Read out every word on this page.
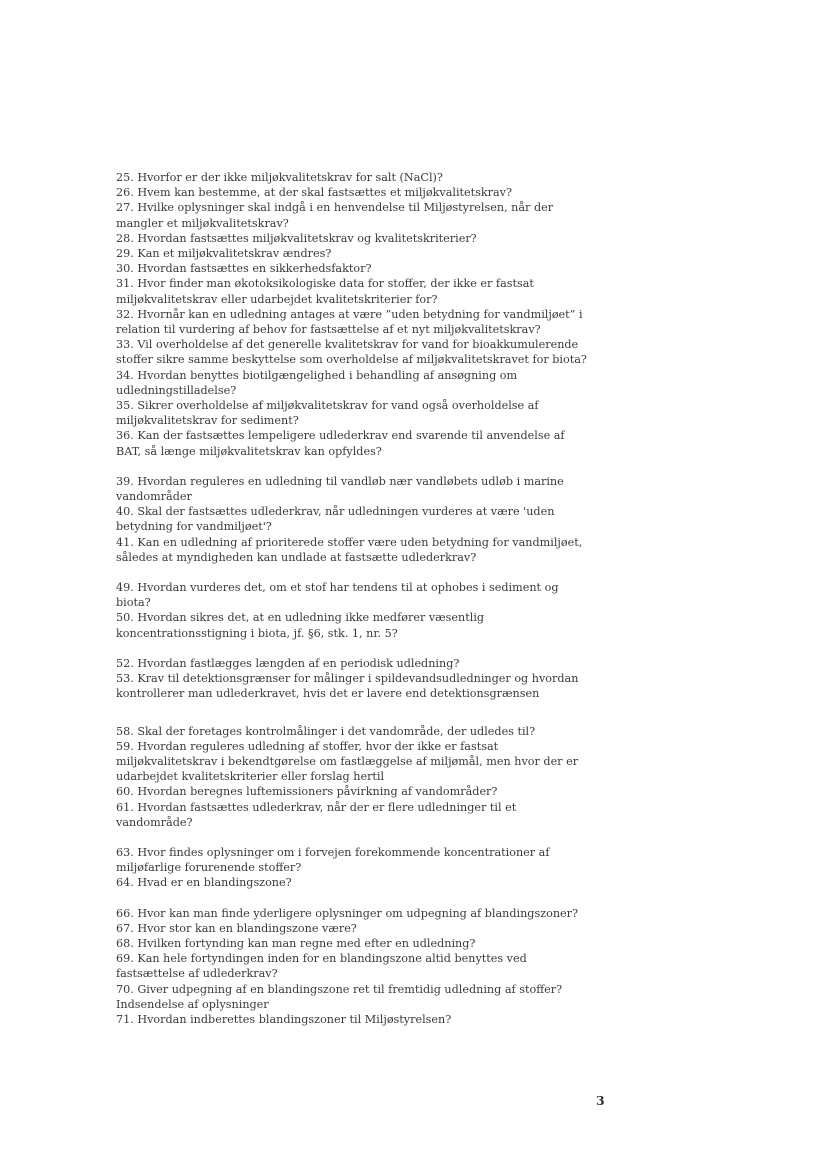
25. Hvorfor er der ikke miljøkvalitetskrav for salt (NaCl)?

26. Hvem kan bestemme, at der skal fastsættes et miljøkvalitetskrav?

27. Hvilke oplysninger skal indgå i en henvendelse til Miljøstyrelsen, når der
mangler et miljøkvalitetskrav?

28. Hvordan fastsættes miljøkvalitetskrav og kvalitetskriterier?

29. Kan et miljøkvalitetskrav ændres?

30. Hvordan fastsættes en sikkerhedsfaktor?

31. Hvor finder man økotoksikologiske data for stoffer, der ikke er fastsat
miljøkvalitetskrav eller udarbejdet kvalitetskriterier for?

32. Hvornår kan en udledning antages at være ”uden betydning for vandmiljøet” i
relation til vurdering af behov for fastsættelse af et nyt miljøkvalitetskrav?

33. Vil overholdelse af det generelle kvalitetskrav for vand for bioakkumulerende
stoffer sikre samme beskyttelse som overholdelse af miljøkvalitetskravet for biota?

34. Hvordan benyttes biotilgængelighed i behandling af ansøgning om
udledningstilladelse?

35. Sikrer overholdelse af miljøkvalitetskrav for vand også overholdelse af
miljøkvalitetskrav for sediment?

36. Kan der fastsættes lempeligere udlederkrav end svarende til anvendelse af
BAT, så længe miljøkvalitetskrav kan opfyldes?

39. Hvordan reguleres en udledning til vandløb nær vandløbets udløb i marine
vandområder

40. Skal der fastsættes udlederkrav, når udledningen vurderes at være 'uden
betydning for vandmiljøet'?

41. Kan en udledning af prioriterede stoffer være uden betydning for vandmiljøet,
således at myndigheden kan undlade at fastsætte udlederkrav?

49. Hvordan vurderes det, om et stof har tendens til at ophobes i sediment og
biota?

50. Hvordan sikres det, at en udledning ikke medfører væsentlig
koncentrationsstigning i biota, jf. §6, stk. 1, nr. 5?

52. Hvordan fastlægges længden af en periodisk udledning?

53. Krav til detektionsgrænser for målinger i spildevandsudledninger og hvordan
kontrollerer man udlederkravet, hvis det er lavere end detektionsgrænsen

58. Skal der foretages kontrolmålinger i det vandområde, der udledes til?

59. Hvordan reguleres udledning af stoffer, hvor der ikke er fastsat
miljøkvalitetskrav i bekendtgørelse om fastlæggelse af miljømål, men hvor der er
udarbejdet kvalitetskriterier eller forslag hertil

60. Hvordan beregnes luftemissioners påvirkning af vandområder?

61. Hvordan fastsættes udlederkrav, når der er flere udledninger til et
vandområde?

63. Hvor findes oplysninger om i forvejen forekommende koncentrationer af
miljøfarlige forurenende stoffer?

64. Hvad er en blandingszone?

66. Hvor kan man finde yderligere oplysninger om udpegning af blandingszoner?

67. Hvor stor kan en blandingszone være?

68. Hvilken fortynding kan man regne med efter en udledning?

69. Kan hele fortyndingen inden for en blandingszone altid benyttes ved
fastsættelse af udlederkrav?

70. Giver udpegning af en blandingszone ret til fremtidig udledning af stoffer?
Indsendelse af oplysninger

71. Hvordan indberettes blandingszoner til Miljøstyrelsen?

3
